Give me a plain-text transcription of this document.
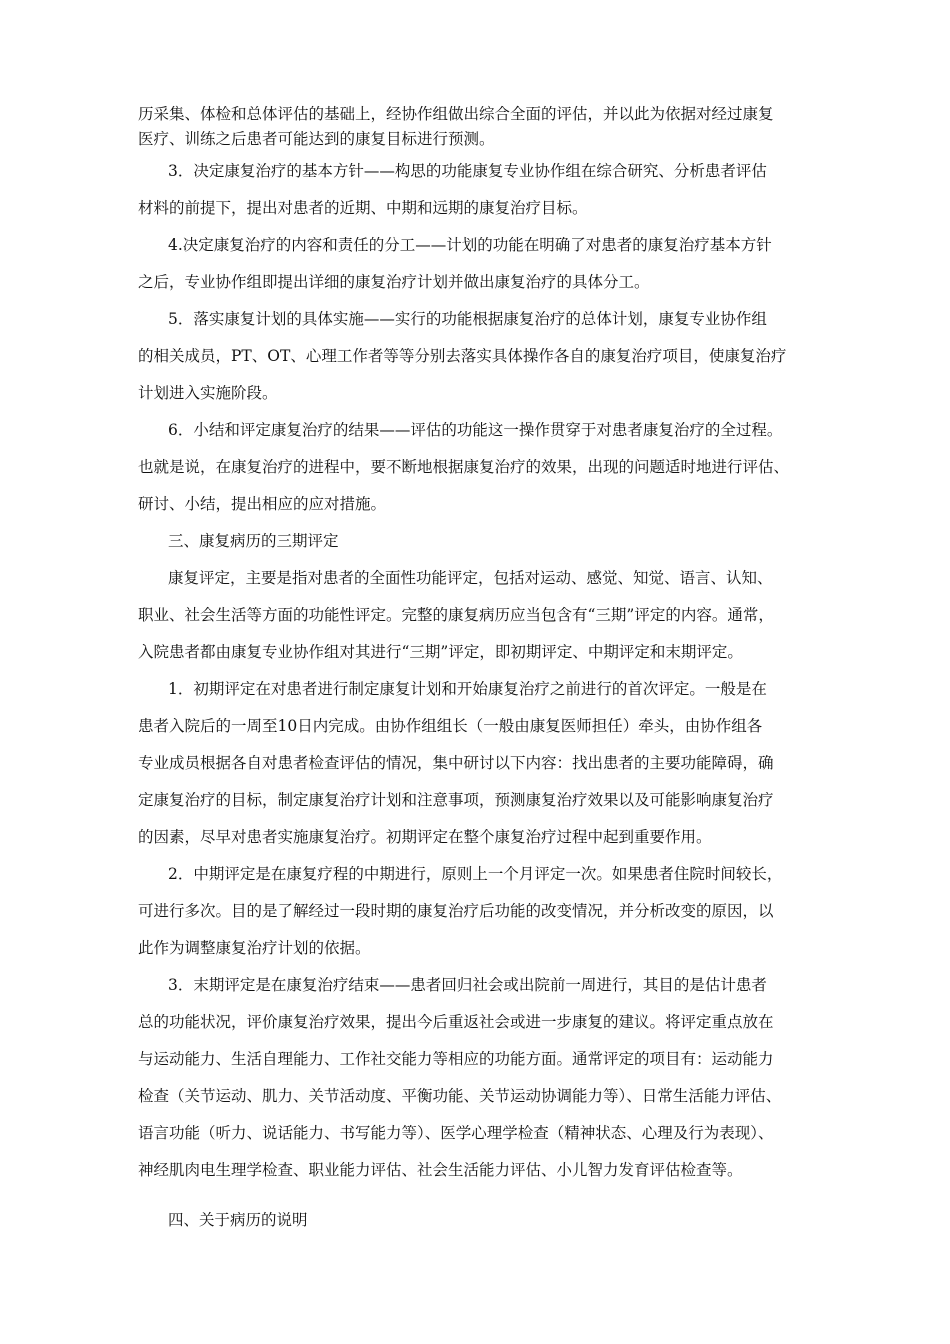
历采集、体检和总体评估的基础上，经协作组做出综合全面的评估，并以此为依据对经过康复

医疗、训练之后患者可能达到的康复目标进行预测。

3．决定康复治疗的基本方针——构思的功能康复专业协作组在综合研究、分析患者评估

材料的前提下，提出对患者的近期、中期和远期的康复治疗目标。

4.决定康复治疗的内容和责任的分工——计划的功能在明确了对患者的康复治疗基本方针

之后，专业协作组即提出详细的康复治疗计划并做出康复治疗的具体分工。

5．落实康复计划的具体实施——实行的功能根据康复治疗的总体计划，康复专业协作组

的相关成员，PT、OT、心理工作者等等分别去落实具体操作各自的康复治疗项目，使康复治疗

计划进入实施阶段。

6．小结和评定康复治疗的结果——评估的功能这一操作贯穿于对患者康复治疗的全过程。

也就是说，在康复治疗的进程中，要不断地根据康复治疗的效果，出现的问题适时地进行评估、

研讨、小结，提出相应的应对措施。

三、康复病历的三期评定

康复评定，主要是指对患者的全面性功能评定，包括对运动、感觉、知觉、语言、认知、

职业、社会生活等方面的功能性评定。完整的康复病历应当包含有“三期”评定的内容。通常，

入院患者都由康复专业协作组对其进行“三期”评定，即初期评定、中期评定和末期评定。

1．初期评定在对患者进行制定康复计划和开始康复治疗之前进行的首次评定。一般是在

患者入院后的一周至10日内完成。由协作组组长（一般由康复医师担任）牵头，由协作组各

专业成员根据各自对患者检查评估的情况，集中研讨以下内容：找出患者的主要功能障碍，确

定康复治疗的目标，制定康复治疗计划和注意事项，预测康复治疗效果以及可能影响康复治疗

的因素，尽早对患者实施康复治疗。初期评定在整个康复治疗过程中起到重要作用。

2．中期评定是在康复疗程的中期进行，原则上一个月评定一次。如果患者住院时间较长，

可进行多次。目的是了解经过一段时期的康复治疗后功能的改变情况，并分析改变的原因，以

此作为调整康复治疗计划的依据。

3．末期评定是在康复治疗结束——患者回归社会或出院前一周进行，其目的是估计患者

总的功能状况，评价康复治疗效果，提出今后重返社会或进一步康复的建议。将评定重点放在

与运动能力、生活自理能力、工作社交能力等相应的功能方面。通常评定的项目有：运动能力

检查（关节运动、肌力、关节活动度、平衡功能、关节运动协调能力等）、日常生活能力评估、

语言功能（听力、说话能力、书写能力等）、医学心理学检查（精神状态、心理及行为表现）、

神经肌肉电生理学检查、职业能力评估、社会生活能力评估、小儿智力发育评估检查等。

四、关于病历的说明
